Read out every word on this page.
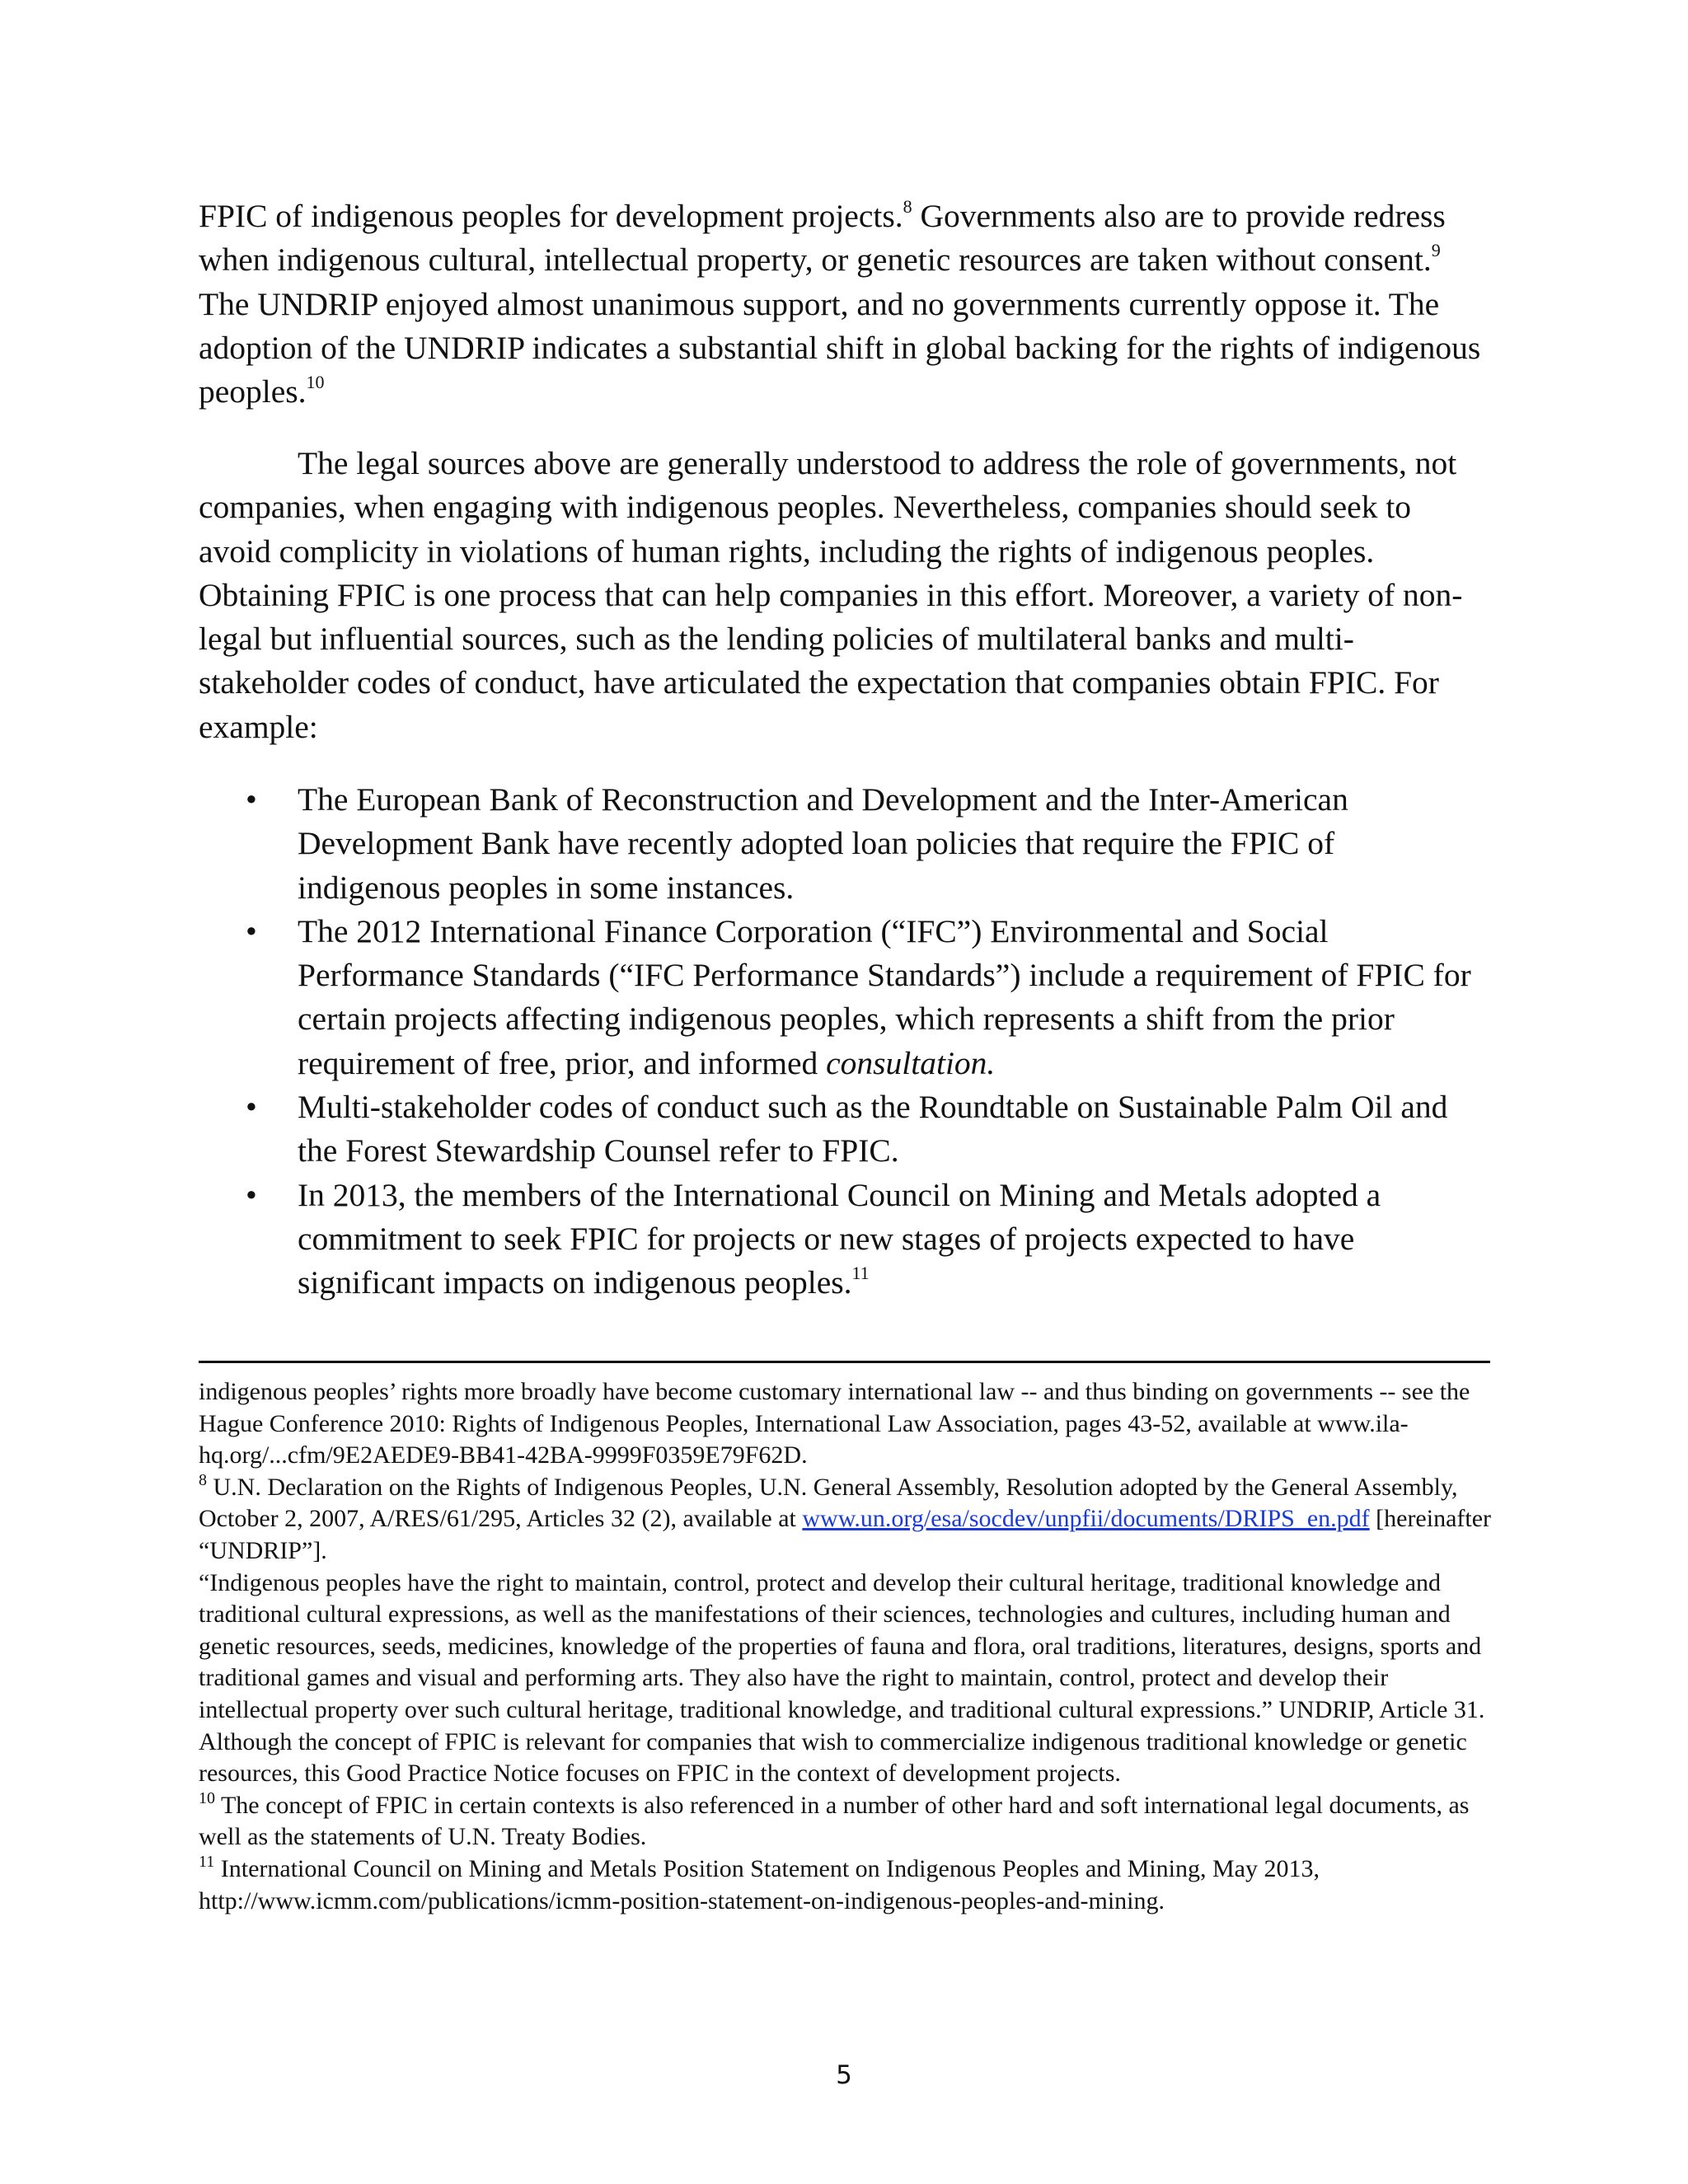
FPIC of indigenous peoples for development projects.$^8$ Governments also are to provide redress when indigenous cultural, intellectual property, or genetic resources are taken without consent.$^9$ The UNDRIP enjoyed almost unanimous support, and no governments currently oppose it. The adoption of the UNDRIP indicates a substantial shift in global backing for the rights of indigenous peoples.$^{10}$

The legal sources above are generally understood to address the role of governments, not companies, when engaging with indigenous peoples. Nevertheless, companies should seek to avoid complicity in violations of human rights, including the rights of indigenous peoples. Obtaining FPIC is one process that can help companies in this effort. Moreover, a variety of non-legal but influential sources, such as the lending policies of multilateral banks and multi-stakeholder codes of conduct, have articulated the expectation that companies obtain FPIC. For example:

• The European Bank of Reconstruction and Development and the Inter-American Development Bank have recently adopted loan policies that require the FPIC of indigenous peoples in some instances.
• The 2012 International Finance Corporation (“IFC”) Environmental and Social Performance Standards (“IFC Performance Standards”) include a requirement of FPIC for certain projects affecting indigenous peoples, which represents a shift from the prior requirement of free, prior, and informed consultation.
• Multi-stakeholder codes of conduct such as the Roundtable on Sustainable Palm Oil and the Forest Stewardship Counsel refer to FPIC.
• In 2013, the members of the International Council on Mining and Metals adopted a commitment to seek FPIC for projects or new stages of projects expected to have significant impacts on indigenous peoples.$^{11}$

indigenous peoples’ rights more broadly have become customary international law -- and thus binding on governments -- see the Hague Conference 2010: Rights of Indigenous Peoples, International Law Association, pages 43-52, available at www.ila-hq.org/...cfm/9E2AEDE9-BB41-42BA-9999F0359E79F62D.

$^8$ U.N. Declaration on the Rights of Indigenous Peoples, U.N. General Assembly, Resolution adopted by the General Assembly, October 2, 2007, A/RES/61/295, Articles 32 (2), available at www.un.org/esa/socdev/unpfii/documents/DRIPS_en.pdf [hereinafter “UNDRIP”].

“Indigenous peoples have the right to maintain, control, protect and develop their cultural heritage, traditional knowledge and traditional cultural expressions, as well as the manifestations of their sciences, technologies and cultures, including human and genetic resources, seeds, medicines, knowledge of the properties of fauna and flora, oral traditions, literatures, designs, sports and traditional games and visual and performing arts. They also have the right to maintain, control, protect and develop their intellectual property over such cultural heritage, traditional knowledge, and traditional cultural expressions.” UNDRIP, Article 31. Although the concept of FPIC is relevant for companies that wish to commercialize indigenous traditional knowledge or genetic resources, this Good Practice Notice focuses on FPIC in the context of development projects.

$^{10}$ The concept of FPIC in certain contexts is also referenced in a number of other hard and soft international legal documents, as well as the statements of U.N. Treaty Bodies.

$^{11}$ International Council on Mining and Metals Position Statement on Indigenous Peoples and Mining, May 2013, http://www.icmm.com/publications/icmm-position-statement-on-indigenous-peoples-and-mining.

5
